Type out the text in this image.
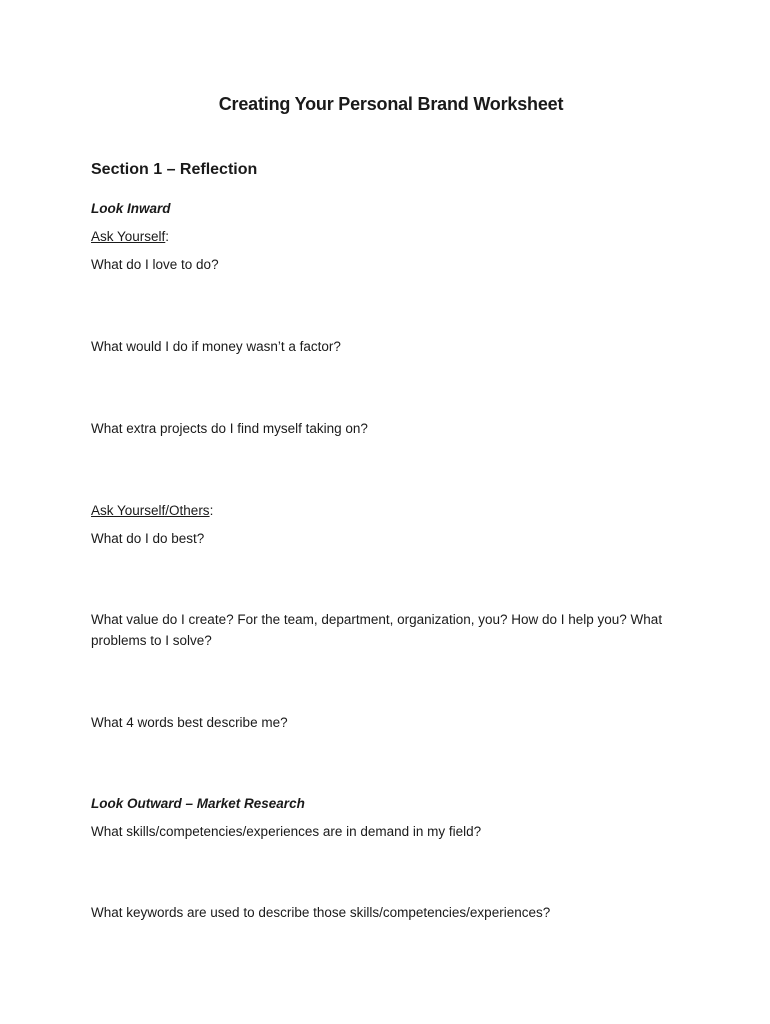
Creating Your Personal Brand Worksheet
Section 1 – Reflection
Look Inward
Ask Yourself:
What do I love to do?
What would I do if money wasn’t a factor?
What extra projects do I find myself taking on?
Ask Yourself/Others:
What do I do best?
What value do I create? For the team, department, organization, you? How do I help you? What problems to I solve?
What 4 words best describe me?
Look Outward – Market Research
What skills/competencies/experiences are in demand in my field?
What keywords are used to describe those skills/competencies/experiences?
